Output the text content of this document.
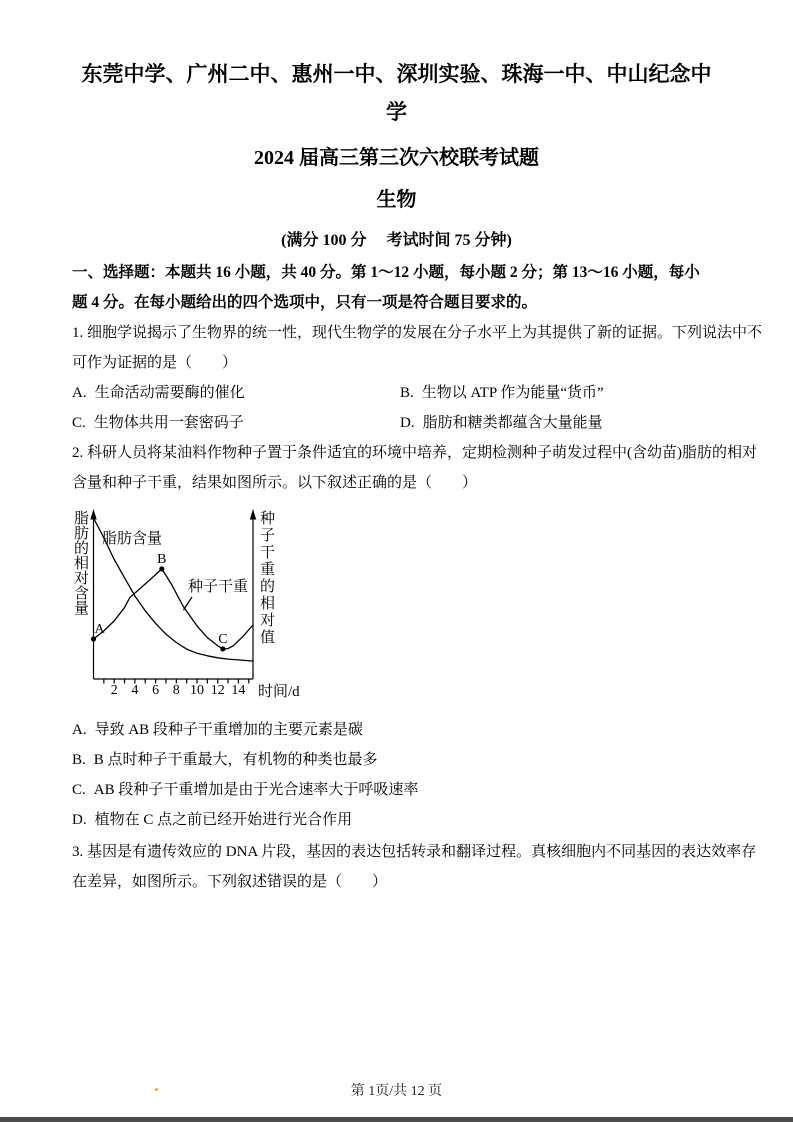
东莞中学、广州二中、惠州一中、深圳实验、珠海一中、中山纪念中
学
2024 届高三第三次六校联考试题
生物
(满分 100 分　 考试时间 75 分钟)
一、选择题：本题共 16 小题，共 40 分。第 1～12 小题，每小题 2 分；第 13～16 小题，每小
题 4 分。在每小题给出的四个选项中，只有一项是符合题目要求的。
1. 细胞学说揭示了生物界的统一性，现代生物学的发展在分子水平上为其提供了新的证据。下列说法中不
可作为证据的是（　　）
A. 生命活动需要酶的催化	B. 生物以 ATP 作为能量“货币”
C. 生物体共用一套密码子	D. 脂肪和糖类都蕴含大量能量
2. 科研人员将某油料作物种子置于条件适宜的环境中培养，定期检测种子萌发过程中(含幼苗)脂肪的相对
含量和种子干重，结果如图所示。以下叙述正确的是（　　）
2 4 6 8 10 12 14
A
B
C
脂肪的相对含量	种子干重的相对值
脂肪含量
种子干重
时间/d
A. 导致 AB 段种子干重增加的主要元素是碳
B. B 点时种子干重最大，有机物的种类也最多
C. AB 段种子干重增加是由于光合速率大于呼吸速率
D. 植物在 C 点之前已经开始进行光合作用
3. 基因是有遗传效应的 DNA 片段，基因的表达包括转录和翻译过程。真核细胞内不同基因的表达效率存
在差异，如图所示。下列叙述错误的是（　　）
第 1页/共 12 页
